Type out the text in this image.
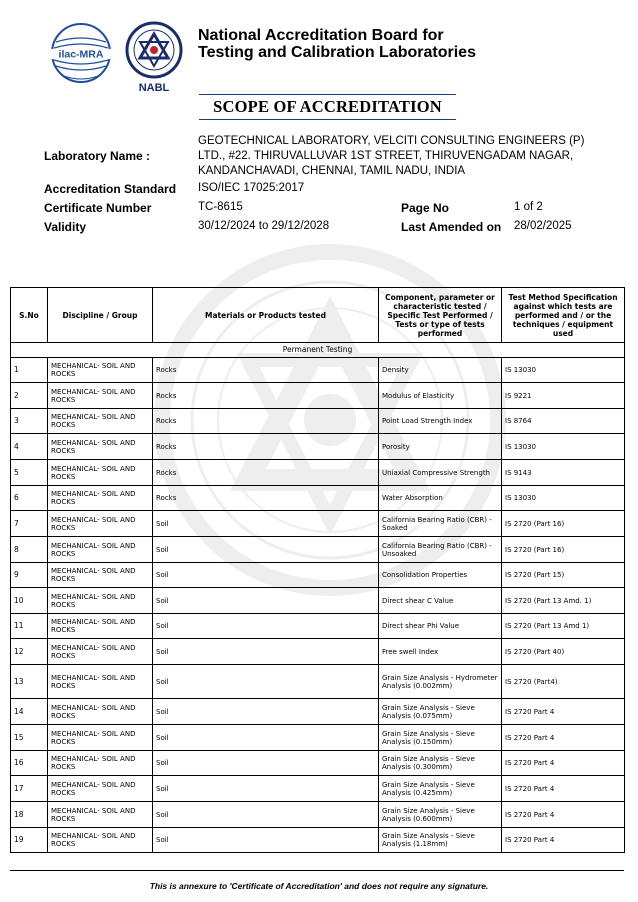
ilac-MRA
NABL
National Accreditation Board for
Testing and Calibration Laboratories
SCOPE OF ACCREDITATION
Laboratory Name :
GEOTECHNICAL LABORATORY, VELCITI CONSULTING ENGINEERS (P)
LTD., #22. THIRUVALLUVAR 1ST STREET, THIRUVENGADAM NAGAR,
KANDANCHAVADI, CHENNAI, TAMIL NADU, INDIA
Accreditation Standard ISO/IEC 17025:2017
Certificate Number	TC-8615	Page No	1 of 2
Validity	30/12/2024 to 29/12/2028	Last Amended on 28/02/2025
S.No	Discipline / Group	Materials or Products tested	Component, parameter or characteristic tested / Specific Test Performed / Tests or type of tests performed	Test Method Specification against which tests are performed and / or the techniques / equipment used
Permanent Testing				
1	MECHANICAL- SOIL AND ROCKS	Rocks	Density	IS 13030
2	MECHANICAL- SOIL AND ROCKS	Rocks	Modulus of Elasticity	IS 9221
3	MECHANICAL- SOIL AND ROCKS	Rocks	Point Load Strength Index	IS 8764
4	MECHANICAL- SOIL AND ROCKS	Rocks	Porosity	IS 13030
5	MECHANICAL- SOIL AND ROCKS	Rocks	Uniaxial Compressive Strength	IS 9143
6	MECHANICAL- SOIL AND ROCKS	Rocks	Water Absorption	IS 13030
7	MECHANICAL- SOIL AND ROCKS	Soil	California Bearing Ratio (CBR) - Soaked	IS 2720 (Part 16)
8	MECHANICAL- SOIL AND ROCKS	Soil	California Bearing Ratio (CBR) - Unsoaked	IS 2720 (Part 16)
9	MECHANICAL- SOIL AND ROCKS	Soil	Consolidation Properties	IS 2720 (Part 15)
10	MECHANICAL- SOIL AND ROCKS	Soil	Direct shear C Value	IS 2720 (Part 13 Amd. 1)
11	MECHANICAL- SOIL AND ROCKS	Soil	Direct shear Phi Value	IS 2720 (Part 13 Amd 1)
12	MECHANICAL- SOIL AND ROCKS	Soil	Free swell Index	IS 2720 (Part 40)
13	MECHANICAL- SOIL AND ROCKS	Soil	Grain Size Analysis - Hydrometer Analysis (0.002mm)	IS 2720 (Part4)
14	MECHANICAL- SOIL AND ROCKS	Soil	Grain Size Analysis - Sieve Analysis (0.075mm)	IS 2720 Part 4
15	MECHANICAL- SOIL AND ROCKS	Soil	Grain Size Analysis - Sieve Analysis (0.150mm)	IS 2720 Part 4
16	MECHANICAL- SOIL AND ROCKS	Soil	Grain Size Analysis - Sieve Analysis (0.300mm)	IS 2720 Part 4
17	MECHANICAL- SOIL AND ROCKS	Soil	Grain Size Analysis - Sieve Analysis (0.425mm)	IS 2720 Part 4
18	MECHANICAL- SOIL AND ROCKS	Soil	Grain Size Analysis - Sieve Analysis (0.600mm)	IS 2720 Part 4
19	MECHANICAL- SOIL AND ROCKS	Soil	Grain Size Analysis - Sieve Analysis (1.18mm)	IS 2720 Part 4
This is annexure to 'Certificate of Accreditation' and does not require any signature.
